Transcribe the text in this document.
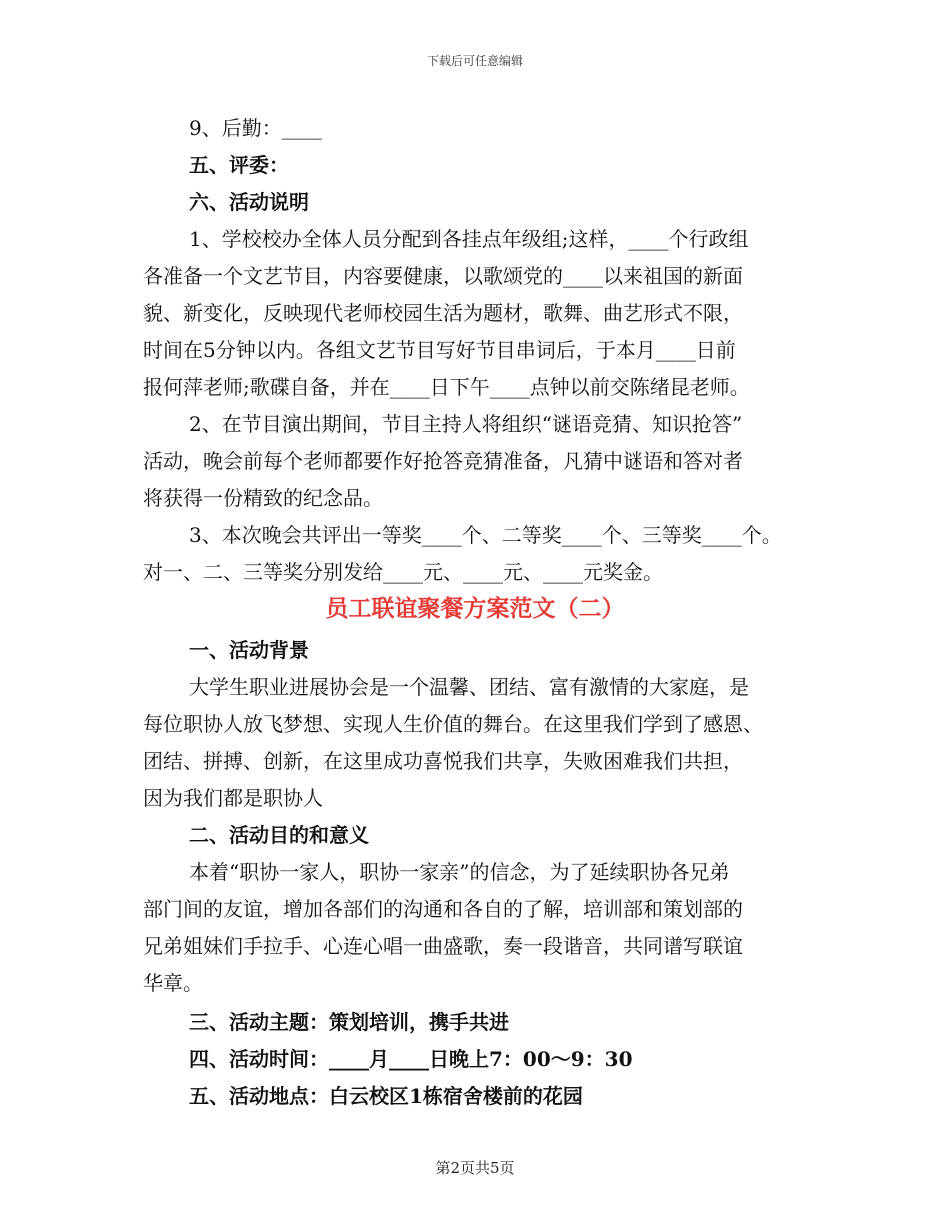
下载后可任意编辑
9、后勤：____
五、评委：
六、活动说明
1、学校校办全体人员分配到各挂点年级组;这样，____个行政组
各准备一个文艺节目，内容要健康，以歌颂党的____以来祖国的新面
貌、新变化，反映现代老师校园生活为题材，歌舞、曲艺形式不限，
时间在5分钟以内。各组文艺节目写好节目串词后，于本月____日前
报何萍老师;歌碟自备，并在____日下午____点钟以前交陈绪昆老师。
2、在节目演出期间，节目主持人将组织“谜语竞猜、知识抢答”
活动，晚会前每个老师都要作好抢答竞猜准备，凡猜中谜语和答对者
将获得一份精致的纪念品。
3、本次晚会共评出一等奖____个、二等奖____个、三等奖____个。
对一、二、三等奖分别发给____元、____元、____元奖金。
员工联谊聚餐方案范文（二）
一、活动背景
大学生职业进展协会是一个温馨、团结、富有激情的大家庭，是
每位职协人放飞梦想、实现人生价值的舞台。在这里我们学到了感恩、
团结、拼搏、创新，在这里成功喜悦我们共享，失败困难我们共担，
因为我们都是职协人
二、活动目的和意义
本着“职协一家人，职协一家亲”的信念，为了延续职协各兄弟
部门间的友谊，增加各部们的沟通和各自的了解，培训部和策划部的
兄弟姐妹们手拉手、心连心唱一曲盛歌，奏一段谐音，共同谱写联谊
华章。
三、活动主题：策划培训，携手共进
四、活动时间：____月____日晚上7：00～9：30
五、活动地点：白云校区1栋宿舍楼前的花园
第2页共5页
